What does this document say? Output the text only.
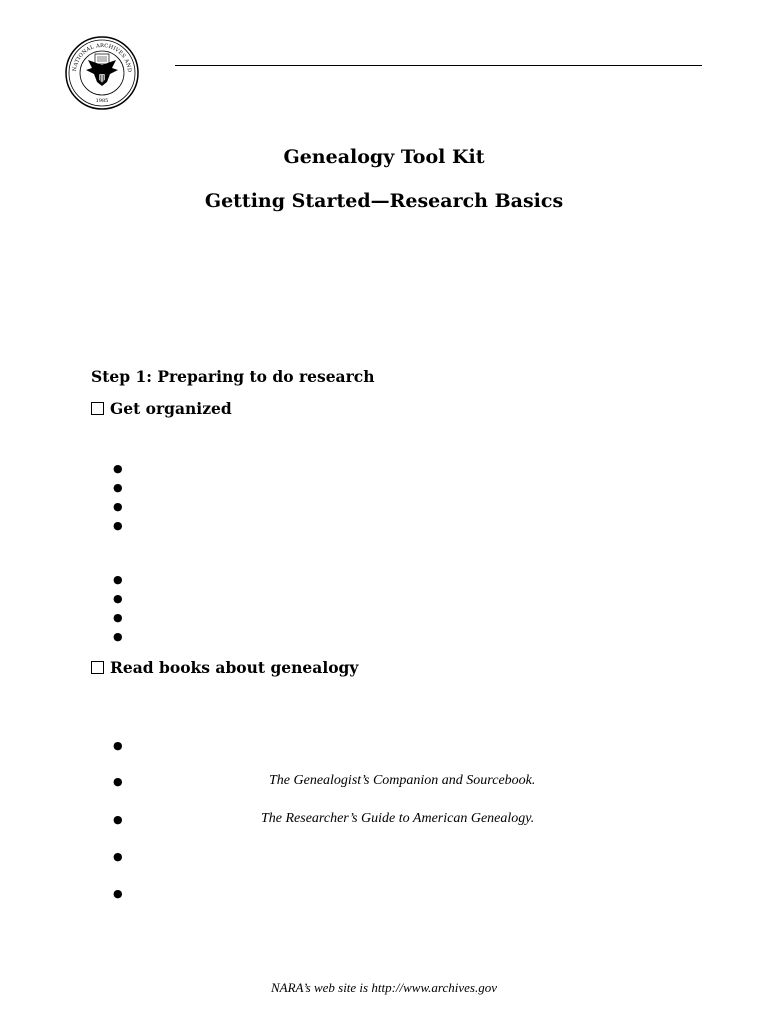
NATIONAL ARCHIVES AND
1985
Genealogy Tool Kit
Getting Started—Research Basics
Step 1: Preparing to do research
Get organized
●
●
●
●
●
●
●
●
Read books about genealogy
●
●	The Genealogist’s Companion and Sourcebook.
●	The Researcher’s Guide to American Genealogy.
●
●
NARA’s web site is http://www.archives.gov
